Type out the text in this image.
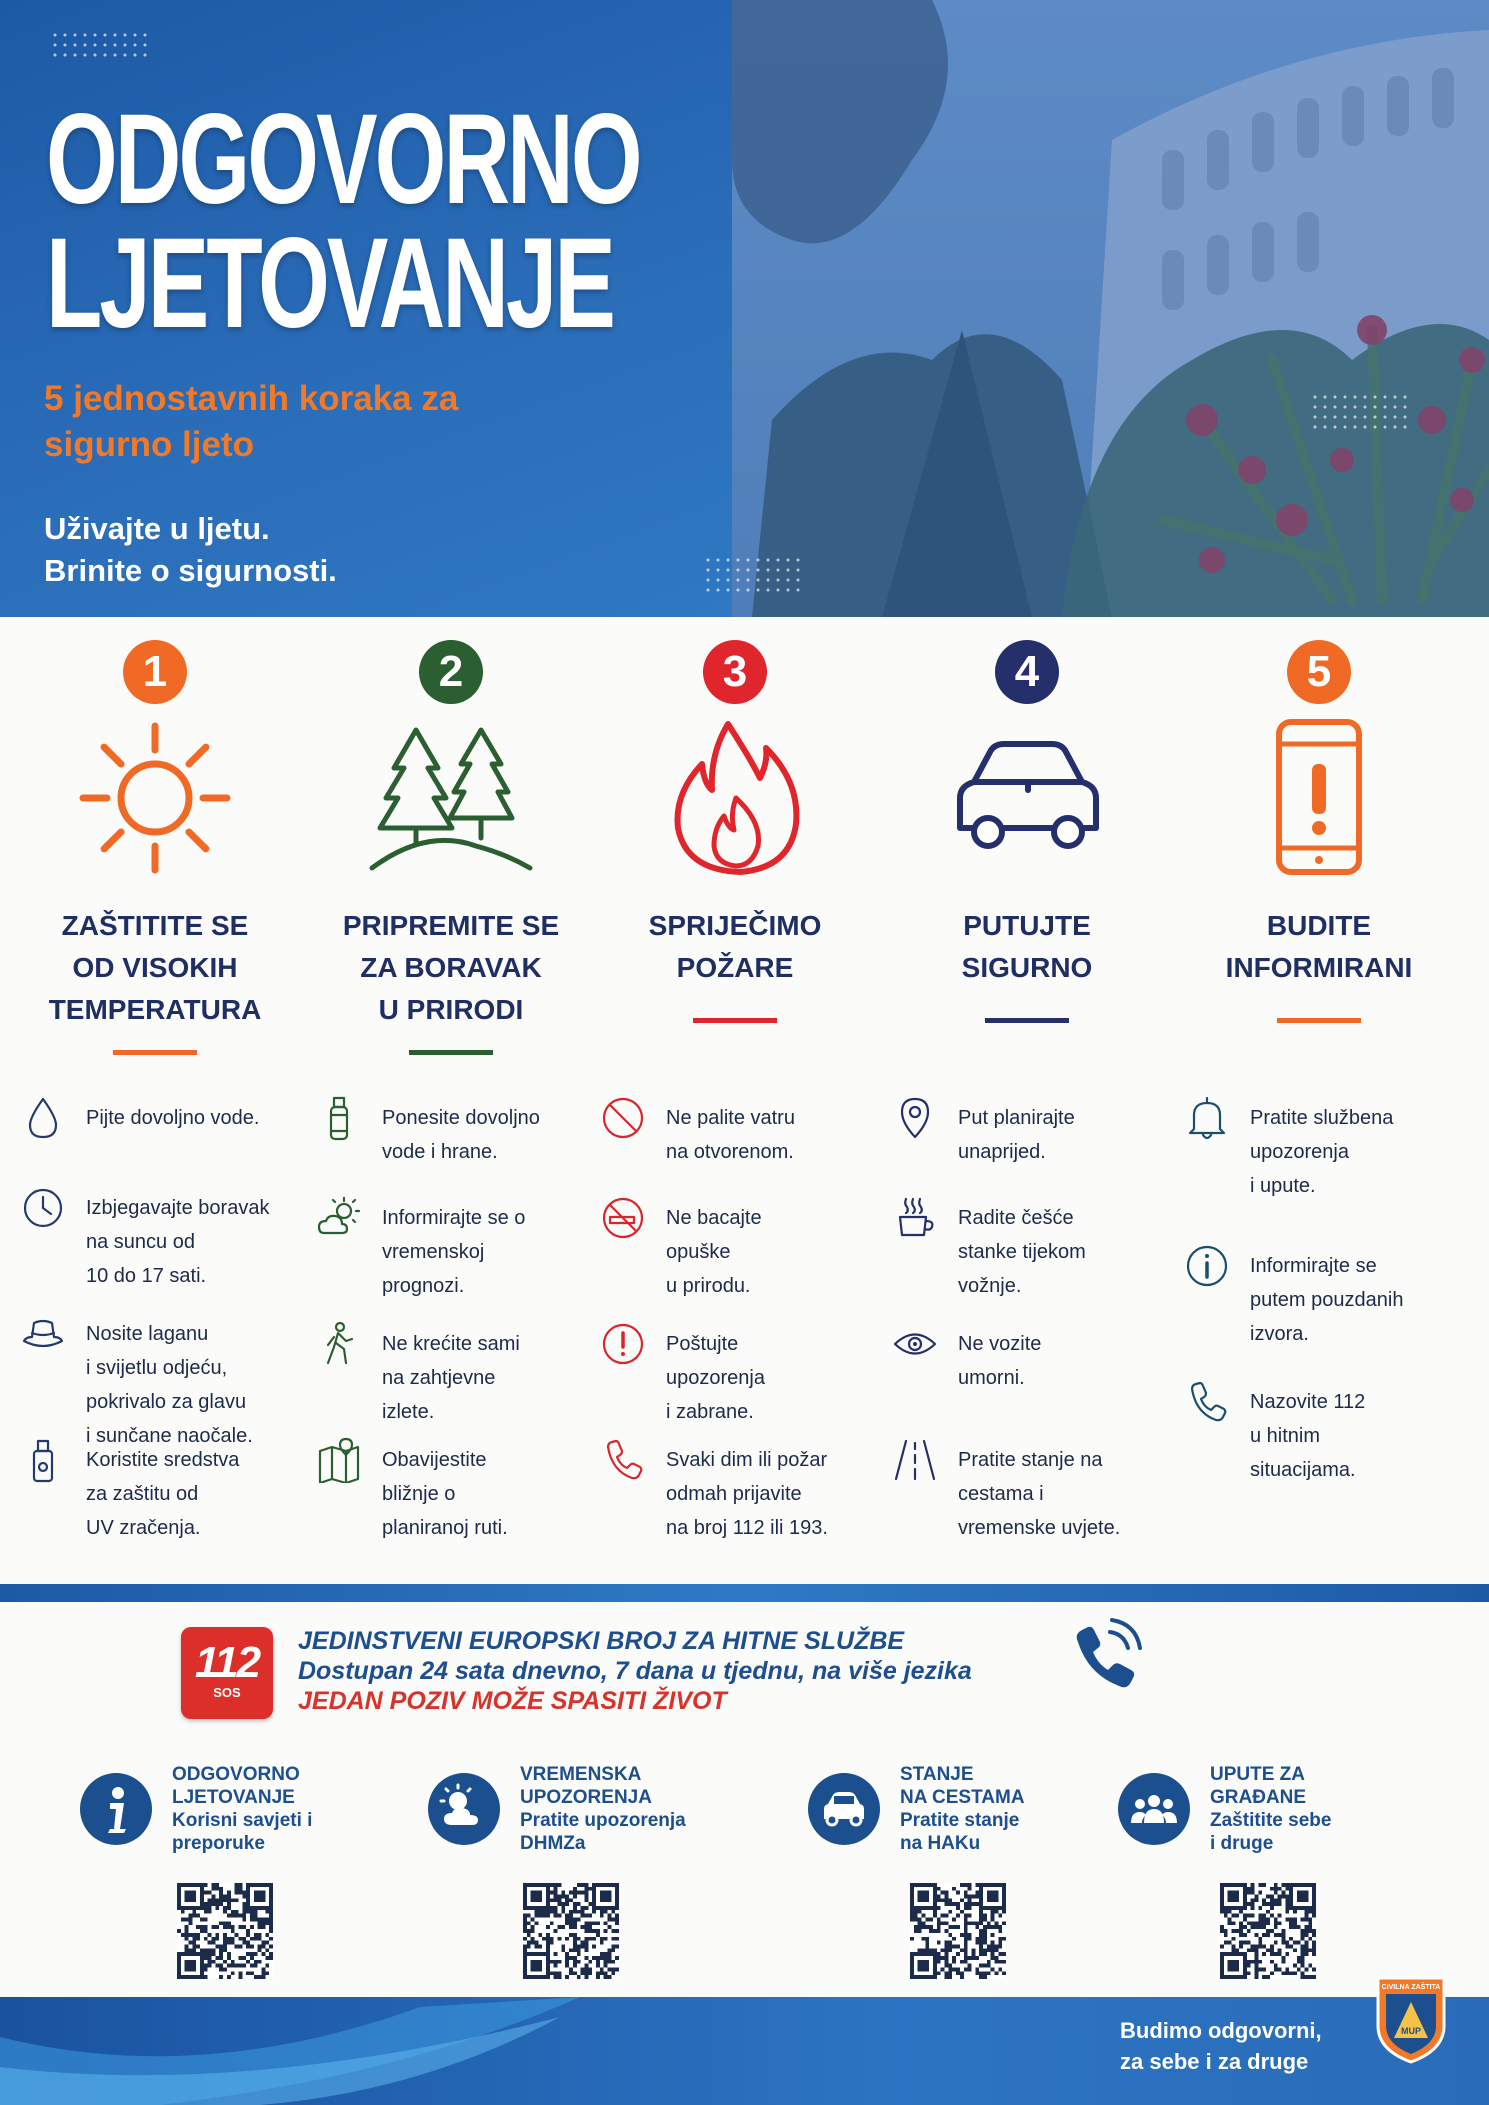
ODGOVORNO
LJETOVANJE
5 jednostavnih koraka za
sigurno ljeto
Uživajte u ljetu.
Brinite o sigurnosti.
1
ZAŠTITITE SE
OD VISOKIH
TEMPERATURA
Pijte dovoljno vode.
Izbjegavajte boravak
na suncu od
10 do 17 sati.
Nosite laganu
i svijetlu odjeću,
pokrivalo za glavu
i sunčane naočale.
Koristite sredstva
za zaštitu od
UV zračenja.
2
PRIPREMITE SE
ZA BORAVAK
U PRIRODI
Ponesite dovoljno
vode i hrane.
Informirajte se o
vremenskoj
prognozi.
Ne krećite sami
na zahtjevne
izlete.
Obavijestite
bližnje o
planiranoj ruti.
3
SPRIJEČIMO
POŽARE
Ne palite vatru
na otvorenom.
Ne bacajte
opuške
u prirodu.
Poštujte
upozorenja
i zabrane.
Svaki dim ili požar
odmah prijavite
na broj 112 ili 193.
4
PUTUJTE
SIGURNO
Put planirajte
unaprijed.
Radite češće
stanke tijekom
vožnje.
Ne vozite
umorni.
Pratite stanje na
cestama i
vremenske uvjete.
5
BUDITE
INFORMIRANI
Pratite službena
upozorenja
i upute.
Informirajte se
putem pouzdanih
izvora.
Nazovite 112
u hitnim
situacijama.
112
SOS
JEDINSTVENI EUROPSKI BROJ ZA HITNE SLUŽBE
Dostupan 24 sata dnevno, 7 dana u tjednu, na više jezika
JEDAN POZIV MOŽE SPASITI ŽIVOT
ODGOVORNO
LJETOVANJE
Korisni savjeti i
preporuke
VREMENSKA
UPOZORENJA
Pratite upozorenja
DHMZa
STANJE
NA CESTAMA
Pratite stanje
na HAKu
UPUTE ZA
GRAĐANE
Zaštitite sebe
i druge
Budimo odgovorni,
za sebe i za druge
CIVILNA ZAŠTITA
MUP
